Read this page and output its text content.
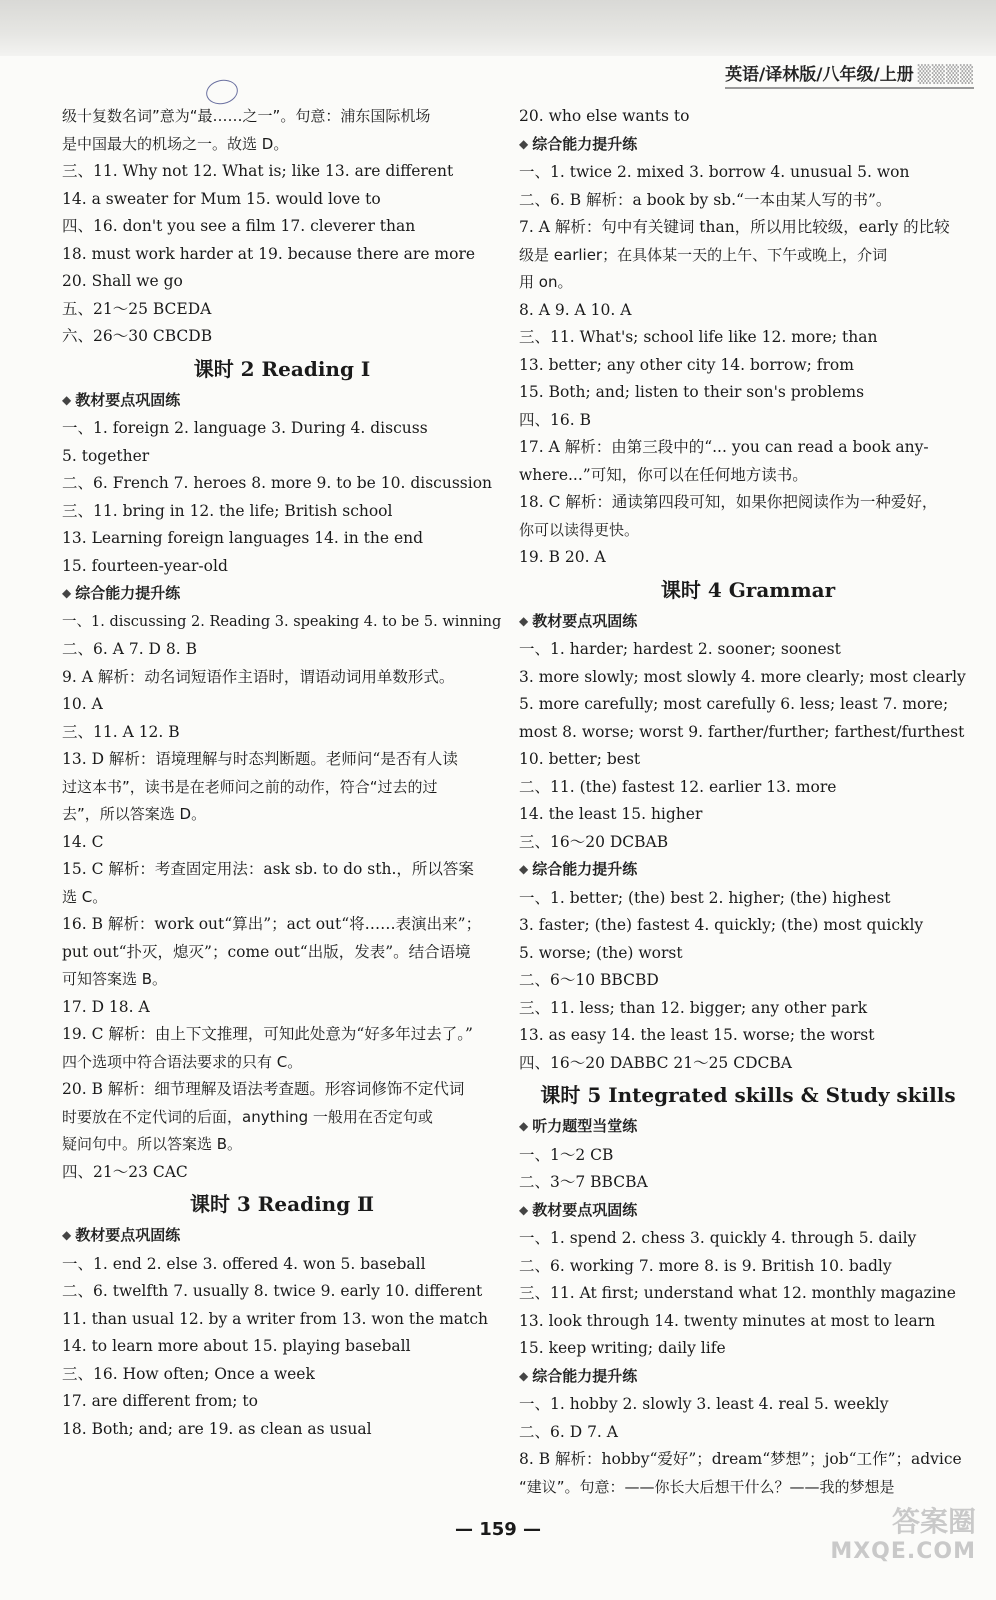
英语/译林版/八年级/上册 ▒▒▒▒
级十复数名词”意为“最……之一”。句意：浦东国际机场
是中国最大的机场之一。故选 D。
三、11. Why not 12. What is; like 13. are different
14. a sweater for Mum 15. would love to
四、16. don't you see a film 17. cleverer than
18. must work harder at 19. because there are more
20. Shall we go
五、21～25 BCEDA
六、26～30 CBCDB
课时 2 Reading Ⅰ
◆ 教材要点巩固练
一、1. foreign 2. language 3. During 4. discuss
5. together
二、6. French 7. heroes 8. more 9. to be 10. discussion
三、11. bring in 12. the life; British school
13. Learning foreign languages 14. in the end
15. fourteen-year-old
◆ 综合能力提升练
一、1. discussing 2. Reading 3. speaking 4. to be 5. winning
二、6. A 7. D 8. B
9. A 解析：动名词短语作主语时，谓语动词用单数形式。
10. A
三、11. A 12. B
13. D 解析：语境理解与时态判断题。老师问“是否有人读
过这本书”，读书是在老师问之前的动作，符合“过去的过
去”，所以答案选 D。
14. C
15. C 解析：考查固定用法：ask sb. to do sth.，所以答案
选 C。
16. B 解析：work out“算出”；act out“将……表演出来”；
put out“扑灭，熄灭”；come out“出版，发表”。结合语境
可知答案选 B。
17. D 18. A
19. C 解析：由上下文推理，可知此处意为“好多年过去了。”
四个选项中符合语法要求的只有 C。
20. B 解析：细节理解及语法考查题。形容词修饰不定代词
时要放在不定代词的后面，anything 一般用在否定句或
疑问句中。所以答案选 B。
四、21～23 CAC
课时 3 Reading Ⅱ
◆ 教材要点巩固练
一、1. end 2. else 3. offered 4. won 5. baseball
二、6. twelfth 7. usually 8. twice 9. early 10. different
11. than usual 12. by a writer from 13. won the match
14. to learn more about 15. playing baseball
三、16. How often; Once a week
17. are different from; to
18. Both; and; are 19. as clean as usual
20. who else wants to
◆ 综合能力提升练
一、1. twice 2. mixed 3. borrow 4. unusual 5. won
二、6. B 解析：a book by sb.“一本由某人写的书”。
7. A 解析：句中有关键词 than，所以用比较级，early 的比较
级是 earlier；在具体某一天的上午、下午或晚上，介词
用 on。
8. A 9. A 10. A
三、11. What's; school life like 12. more; than
13. better; any other city 14. borrow; from
15. Both; and; listen to their son's problems
四、16. B
17. A 解析：由第三段中的“... you can read a book any-
where...”可知，你可以在任何地方读书。
18. C 解析：通读第四段可知，如果你把阅读作为一种爱好，
你可以读得更快。
19. B 20. A
课时 4 Grammar
◆ 教材要点巩固练
一、1. harder; hardest 2. sooner; soonest
3. more slowly; most slowly 4. more clearly; most clearly
5. more carefully; most carefully 6. less; least 7. more;
most 8. worse; worst 9. farther/further; farthest/furthest
10. better; best
二、11. (the) fastest 12. earlier 13. more
14. the least 15. higher
三、16～20 DCBAB
◆ 综合能力提升练
一、1. better; (the) best 2. higher; (the) highest
3. faster; (the) fastest 4. quickly; (the) most quickly
5. worse; (the) worst
二、6～10 BBCBD
三、11. less; than 12. bigger; any other park
13. as easy 14. the least 15. worse; the worst
四、16～20 DABBC 21～25 CDCBA
课时 5 Integrated skills & Study skills
◆ 听力题型当堂练
一、1～2 CB
二、3～7 BBCBA
◆ 教材要点巩固练
一、1. spend 2. chess 3. quickly 4. through 5. daily
二、6. working 7. more 8. is 9. British 10. badly
三、11. At first; understand what 12. monthly magazine
13. look through 14. twenty minutes at most to learn
15. keep writing; daily life
◆ 综合能力提升练
一、1. hobby 2. slowly 3. least 4. real 5. weekly
二、6. D 7. A
8. B 解析：hobby“爱好”；dream“梦想”；job“工作”；advice
“建议”。句意：——你长大后想干什么？——我的梦想是
— 159 —	答案圈
MXQE.COM
